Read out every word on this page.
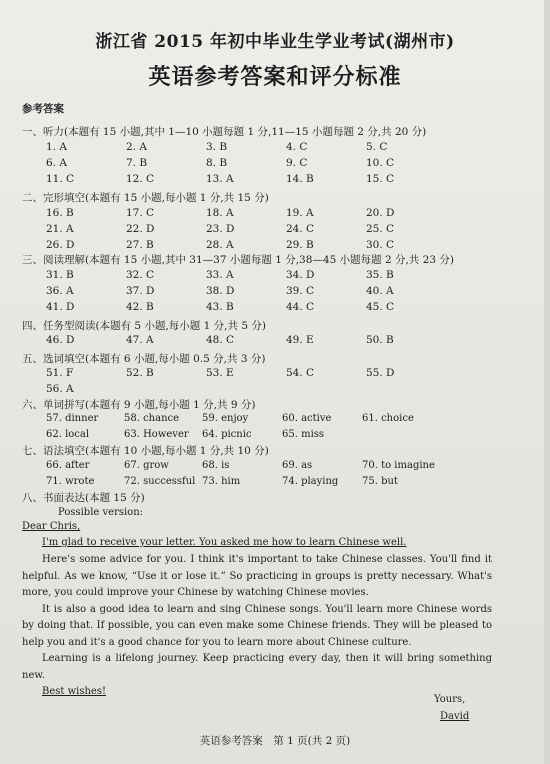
浙江省 2015 年初中毕业生学业考试(湖州市)
英语参考答案和评分标准
参考答案
一、听力(本题有 15 小题,其中 1—10 小题每题 1 分,11—15 小题每题 2 分,共 20 分)
1. A	2. A	3. B	4. C	5. C
6. A	7. B	8. B	9. C	10. C
11. C	12. C	13. A	14. B	15. C
二、完形填空(本题有 15 小题,每小题 1 分,共 15 分)
16. B	17. C	18. A	19. A	20. D
21. A	22. D	23. D	24. C	25. C
26. D	27. B	28. A	29. B	30. C
三、阅读理解(本题有 15 小题,其中 31—37 小题每题 1 分,38—45 小题每题 2 分,共 23 分)
31. B	32. C	33. A	34. D	35. B
36. A	37. D	38. D	39. C	40. A
41. D	42. B	43. B	44. C	45. C
四、任务型阅读(本题有 5 小题,每小题 1 分,共 5 分)
46. D	47. A	48. C	49. E	50. B
五、选词填空(本题有 6 小题,每小题 0.5 分,共 3 分)
51. F	52. B	53. E	54. C	55. D
56. A
六、单词拼写(本题有 9 小题,每小题 1 分,共 9 分)
57. dinner	58. chance 59. enjoy	60. active	61. choice
62. local	63. However 64. picnic	65. miss
七、语法填空(本题有 10 小题,每小题 1 分,共 10 分)
66. after	67. grow	68. is	69. as	70. to imagine
71. wrote	72. successful 73. him	74. playing 75. but
八、书面表达(本题 15 分)
Possible version:
Dear Chris,
I'm glad to receive your letter. You asked me how to learn Chinese well.

Here's some advice for you. I think it's important to take Chinese classes. You'll find it helpful. As we know, “Use it or lose it.” So practicing in groups is pretty necessary. What's more, you could improve your Chinese by watching Chinese movies.

It is also a good idea to learn and sing Chinese songs. You'll learn more Chinese words by doing that. If possible, you can even make some Chinese friends. They will be pleased to help you and it's a good chance for you to learn more about Chinese culture.

Learning is a lifelong journey. Keep practicing every day, then it will bring something new.

Best wishes!
Yours,
David
英语参考答案　第 1 页(共 2 页)
